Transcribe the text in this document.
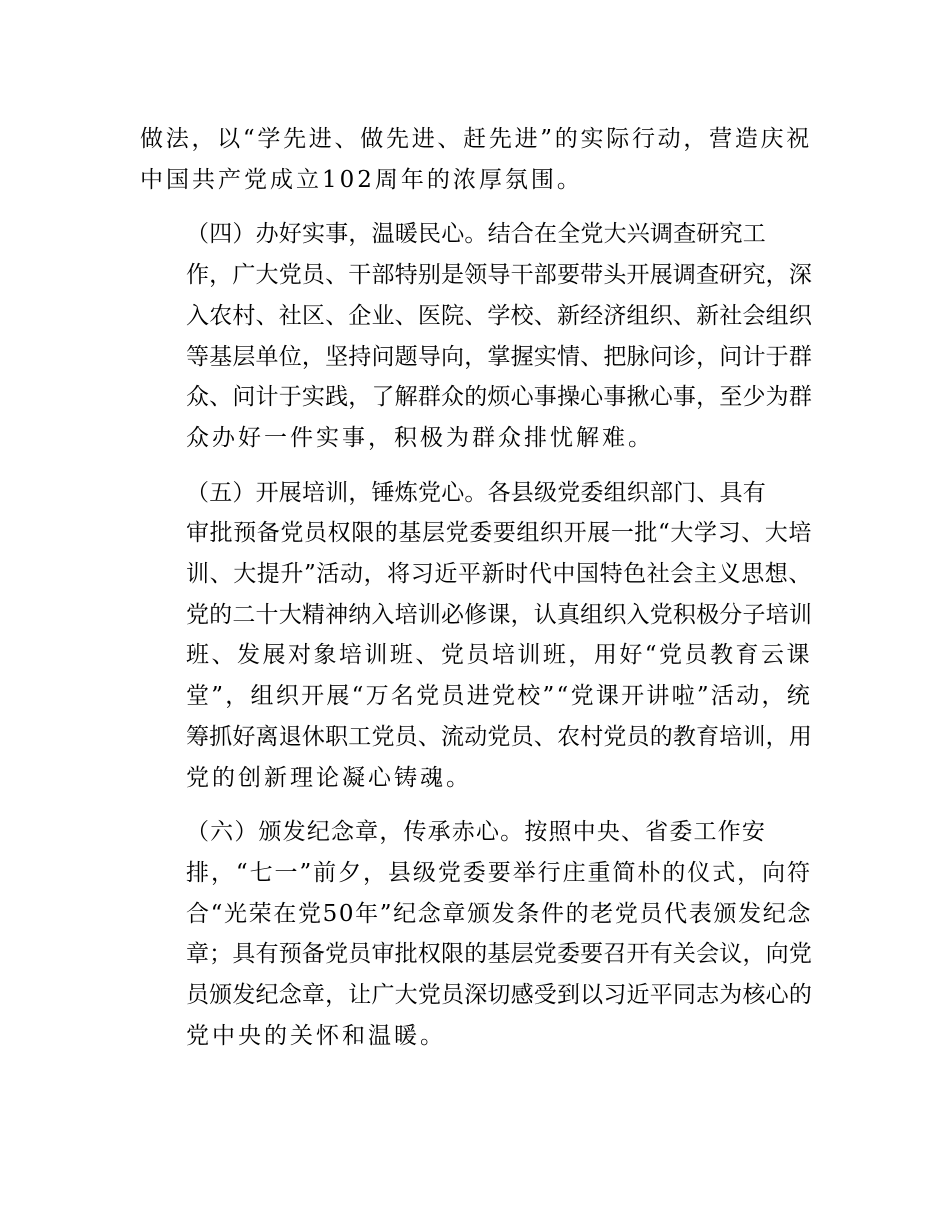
做法，以“学先进、做先进、赶先进”的实际行动，营造庆祝
中国共产党成立102周年的浓厚氛围。

（四）办好实事，温暖民心。结合在全党大兴调查研究工
作，广大党员、干部特别是领导干部要带头开展调查研究，深
入农村、社区、企业、医院、学校、新经济组织、新社会组织
等基层单位，坚持问题导向，掌握实情、把脉问诊，问计于群
众、问计于实践，了解群众的烦心事操心事揪心事，至少为群
众办好一件实事，积极为群众排忧解难。

（五）开展培训，锤炼党心。各县级党委组织部门、具有
审批预备党员权限的基层党委要组织开展一批“大学习、大培
训、大提升”活动，将习近平新时代中国特色社会主义思想、
党的二十大精神纳入培训必修课，认真组织入党积极分子培训
班、发展对象培训班、党员培训班，用好“党员教育云课
堂”，组织开展“万名党员进党校”“党课开讲啦”活动，统
筹抓好离退休职工党员、流动党员、农村党员的教育培训，用
党的创新理论凝心铸魂。

（六）颁发纪念章，传承赤心。按照中央、省委工作安
排，“七一”前夕，县级党委要举行庄重简朴的仪式，向符
合“光荣在党50年”纪念章颁发条件的老党员代表颁发纪念
章；具有预备党员审批权限的基层党委要召开有关会议，向党
员颁发纪念章，让广大党员深切感受到以习近平同志为核心的
党中央的关怀和温暖。
